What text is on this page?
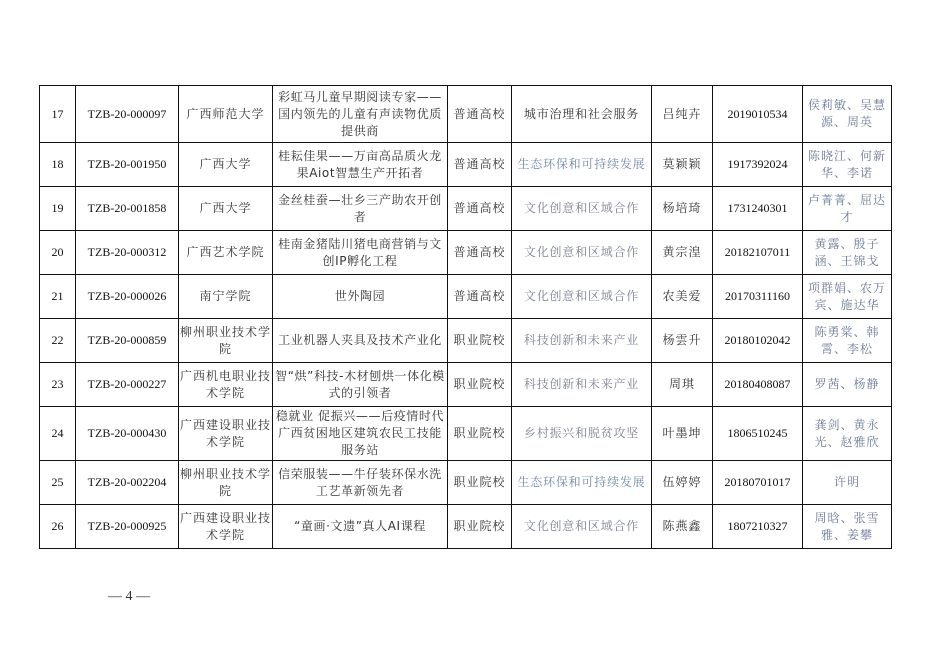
17	TZB-20-000097	广西师范大学	彩虹马儿童早期阅读专家——国内领先的儿童有声读物优质提供商	普通高校	城市治理和社会服务	吕纯卉	2019010534	侯莉敏、吴慧源、周英
18	TZB-20-001950	广西大学	桂耘佳果——万亩高品质火龙果Aiot智慧生产开拓者	普通高校	生态环保和可持续发展	莫颖颖	1917392024	陈晓江、何新华、李诺
19	TZB-20-001858	广西大学	金丝桂蚕—壮乡三产助农开创者	普通高校	文化创意和区域合作	杨培琦	1731240301	卢菁菁、屈达才
20	TZB-20-000312	广西艺术学院	桂南金猪陆川猪电商营销与文创IP孵化工程	普通高校	文化创意和区域合作	黄宗湟	20182107011	黄露、殷子涵、王锦戈
21	TZB-20-000026	南宁学院	世外陶园	普通高校	文化创意和区域合作	农美爱	20170311160	项群娟、农万宾、施达华
22	TZB-20-000859	柳州职业技术学院	工业机器人夹具及技术产业化	职业院校	科技创新和未来产业	杨雲升	20180102042	陈勇棠、韩霄、李松
23	TZB-20-000227	广西机电职业技术学院	智“烘”科技-木材刨烘一体化模式的引领者	职业院校	科技创新和未来产业	周琪	20180408087	罗茜、杨静
24	TZB-20-000430	广西建设职业技术学院	稳就业 促振兴——后疫情时代广西贫困地区建筑农民工技能服务站	职业院校	乡村振兴和脱贫攻坚	叶墨坤	1806510245	龚剑、黄永光、赵雅欣
25	TZB-20-002204	柳州职业技术学院	信荣服装——牛仔装环保水洗工艺革新领先者	职业院校	生态环保和可持续发展	伍婷婷	20180701017	许明
26	TZB-20-000925	广西建设职业技术学院	“童画·文遗”真人AI课程	职业院校	文化创意和区域合作	陈燕鑫	1807210327	周晗、张雪雅、姜攀
— 4 —
